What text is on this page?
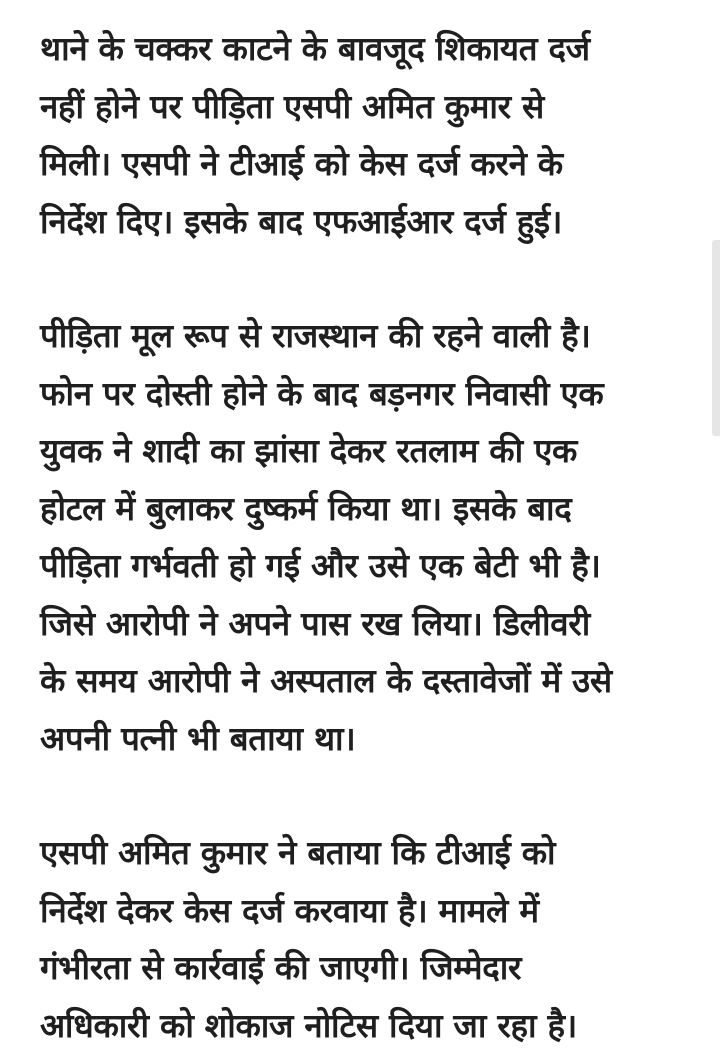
थाने के चक्कर काटने के बावजूद शिकायत दर्ज
नहीं होने पर पीड़िता एसपी अमित कुमार से
मिली। एसपी ने टीआई को केस दर्ज करने के
निर्देश दिए। इसके बाद एफआईआर दर्ज हुई।

पीड़िता मूल रूप से राजस्थान की रहने वाली है।
फोन पर दोस्ती होने के बाद बड़नगर निवासी एक
युवक ने शादी का झांसा देकर रतलाम की एक
होटल में बुलाकर दुष्कर्म किया था। इसके बाद
पीड़िता गर्भवती हो गई और उसे एक बेटी भी है।
जिसे आरोपी ने अपने पास रख लिया। डिलीवरी
के समय आरोपी ने अस्पताल के दस्तावेजों में उसे
अपनी पत्नी भी बताया था।

एसपी अमित कुमार ने बताया कि टीआई को
निर्देश देकर केस दर्ज करवाया है। मामले में
गंभीरता से कार्रवाई की जाएगी। जिम्मेदार
अधिकारी को शोकाज नोटिस दिया जा रहा है।
